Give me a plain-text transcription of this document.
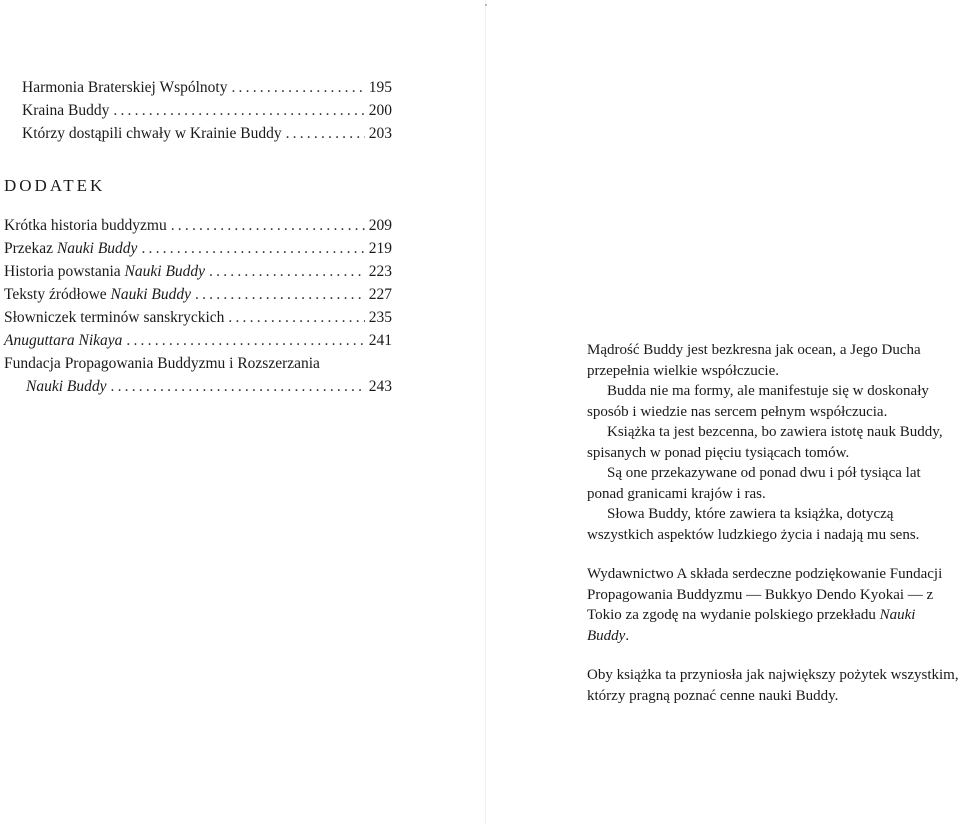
Harmonia Braterskiej Wspólnoty .....	195
Kraina Buddy .....	200
Którzy dostąpili chwały w Krainie Buddy .....	203
DODATEK
Krótka historia buddyzmu .....	209
Przekaz Nauki Buddy .....	219
Historia powstania Nauki Buddy .....	223
Teksty źródłowe Nauki Buddy .....	227
Słowniczek terminów sanskryckich .....	235
Anuguttara Nikaya .....	241
Fundacja Propagowania Buddyzmu i Rozszerzania
Nauki Buddy .....	243

Mądrość Buddy jest bezkresna jak ocean, a Jego Ducha przepełnia wielkie współczucie.

Budda nie ma formy, ale manifestuje się w doskonały sposób i wiedzie nas sercem pełnym współczucia.

Książka ta jest bezcenna, bo zawiera istotę nauk Buddy, spisanych w ponad pięciu tysiącach tomów.

Są one przekazywane od ponad dwu i pół tysiąca lat ponad granicami krajów i ras.

Słowa Buddy, które zawiera ta książka, dotyczą wszystkich aspektów ludzkiego życia i nadają mu sens.

Wydawnictwo A składa serdeczne podziękowanie Fundacji Propagowania Buddyzmu — Bukkyo Dendo Kyokai — z Tokio za zgodę na wydanie polskiego przekładu Nauki Buddy.

Oby książka ta przyniosła jak największy pożytek wszystkim, którzy pragną poznać cenne nauki Buddy.
